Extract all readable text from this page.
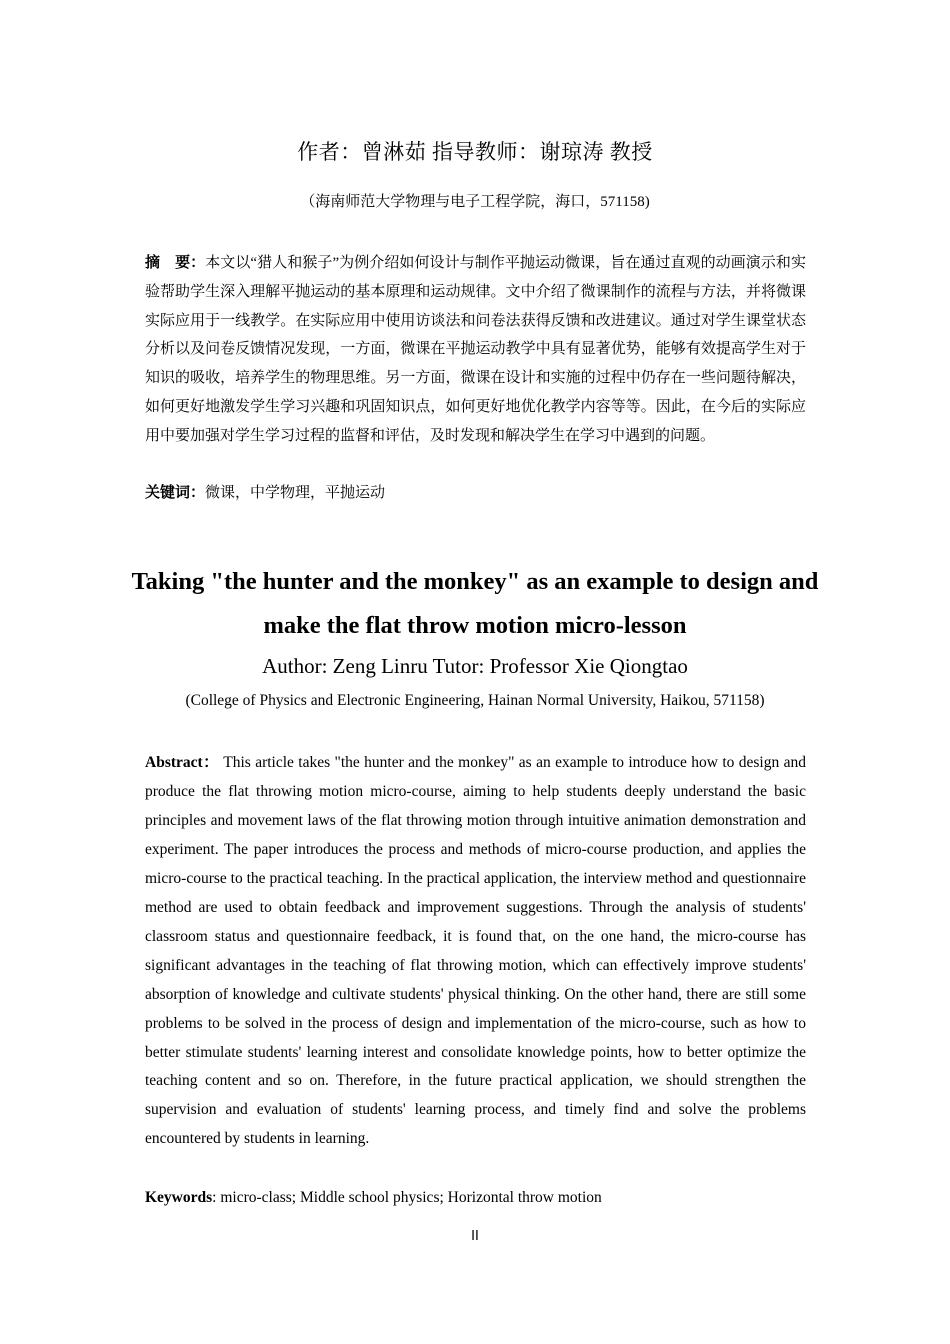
作者：曾淋茹 指导教师：谢琼涛 教授
（海南师范大学物理与电子工程学院，海口，571158)

摘　要：本文以“猎人和猴子”为例介绍如何设计与制作平抛运动微课，旨在通过直观的动画演示和实验帮助学生深入理解平抛运动的基本原理和运动规律。文中介绍了微课制作的流程与方法，并将微课实际应用于一线教学。在实际应用中使用访谈法和问卷法获得反馈和改进建议。通过对学生课堂状态分析以及问卷反馈情况发现，一方面，微课在平抛运动教学中具有显著优势，能够有效提高学生对于知识的吸收，培养学生的物理思维。另一方面，微课在设计和实施的过程中仍存在一些问题待解决，如何更好地激发学生学习兴趣和巩固知识点，如何更好地优化教学内容等等。因此，在今后的实际应用中要加强对学生学习过程的监督和评估，及时发现和解决学生在学习中遇到的问题。

关键词：微课，中学物理，平抛运动

Taking "the hunter and the monkey" as an example to design and make the flat throw motion micro-lesson
Author: Zeng Linru Tutor: Professor Xie Qiongtao
(College of Physics and Electronic Engineering, Hainan Normal University, Haikou, 571158)

Abstract： This article takes "the hunter and the monkey" as an example to introduce how to design and produce the flat throwing motion micro-course, aiming to help students deeply understand the basic principles and movement laws of the flat throwing motion through intuitive animation demonstration and experiment. The paper introduces the process and methods of micro-course production, and applies the micro-course to the practical teaching. In the practical application, the interview method and questionnaire method are used to obtain feedback and improvement suggestions. Through the analysis of students' classroom status and questionnaire feedback, it is found that, on the one hand, the micro-course has significant advantages in the teaching of flat throwing motion, which can effectively improve students' absorption of knowledge and cultivate students' physical thinking. On the other hand, there are still some problems to be solved in the process of design and implementation of the micro-course, such as how to better stimulate students' learning interest and consolidate knowledge points, how to better optimize the teaching content and so on. Therefore, in the future practical application, we should strengthen the supervision and evaluation of students' learning process, and timely find and solve the problems encountered by students in learning.

Keywords: micro-class; Middle school physics; Horizontal throw motion

II
